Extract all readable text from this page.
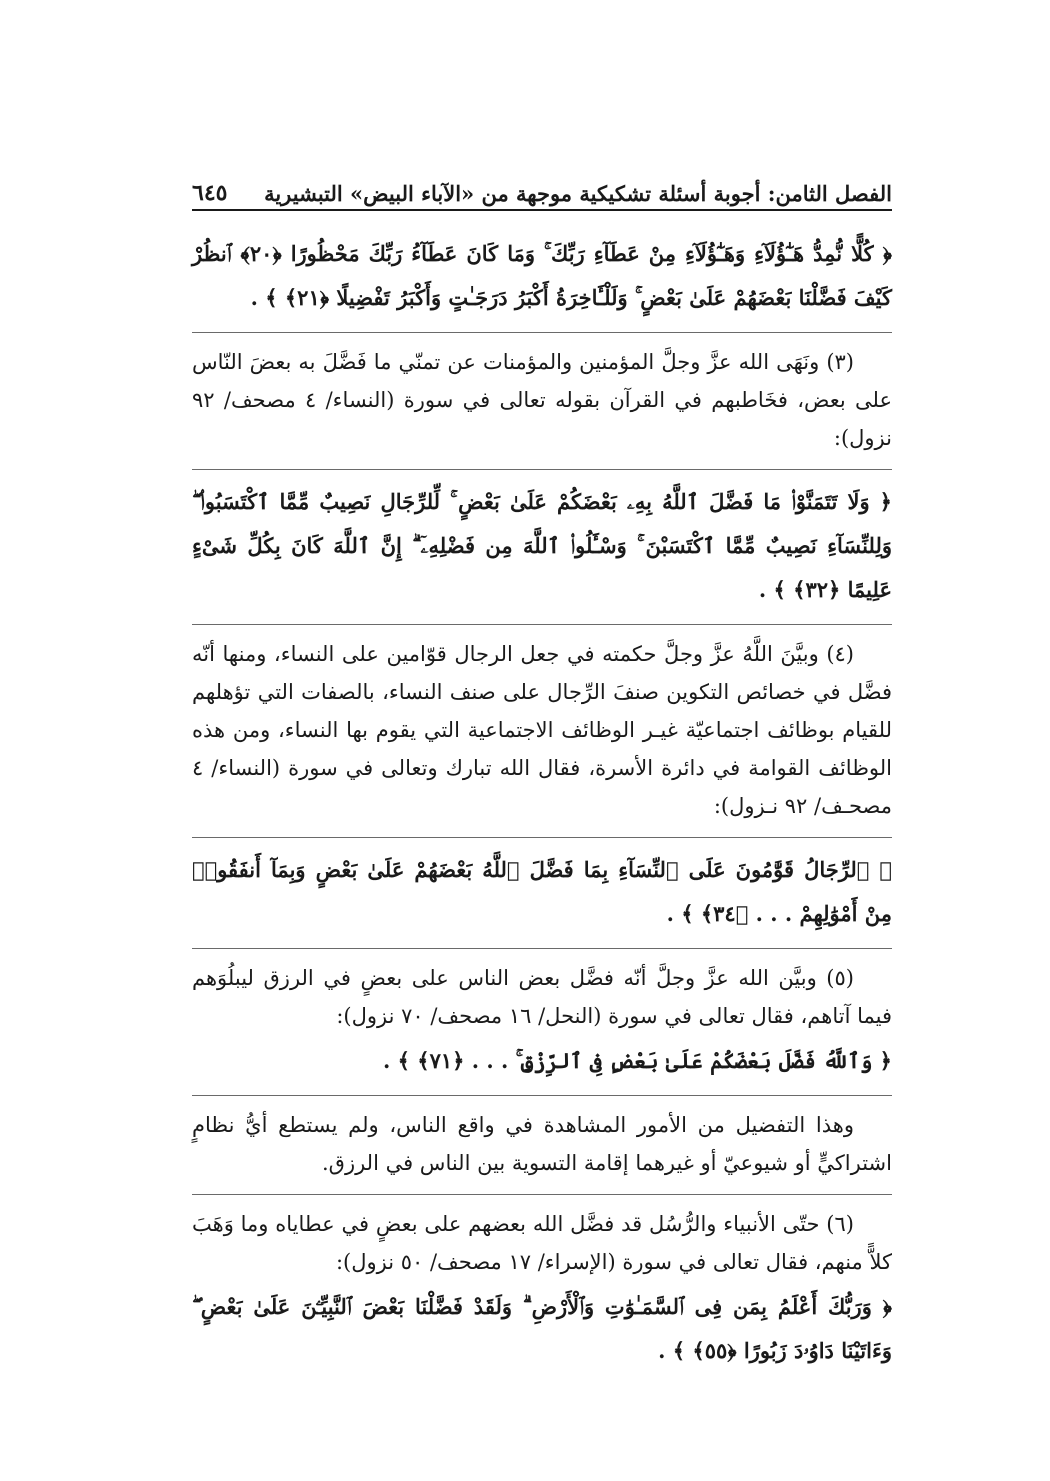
الفصل الثامن: أجوبة أسئلة تشكيكية موجهة من «الآباء البيض» التبشيرية
٦٤٥

﴿ كُلًّا نُّمِدُّ هَـٰٓؤُلَآءِ وَهَـٰٓؤُلَآءِ مِنْ عَطَآءِ رَبِّكَ ۚ وَمَا كَانَ عَطَآءُ رَبِّكَ مَحْظُورًا ﴿٢٠﴾ ٱنظُرْ كَيْفَ فَضَّلْنَا بَعْضَهُمْ عَلَىٰ بَعْضٍ ۚ وَلَلْـَٔاخِرَةُ أَكْبَرُ دَرَجَـٰتٍ وَأَكْبَرُ تَفْضِيلًا ﴿٢١﴾ ﴾ .

(٣) ونَهَى الله عزَّ وجلَّ المؤمنين والمؤمنات عن تمنّي ما فَضَّلَ به بعضَ النّاس على بعض، فخَاطبهم في القرآن بقوله تعالى في سورة (النساء/ ٤ مصحف/ ٩٢ نزول):

﴿ وَلَا تَتَمَنَّوْا۟ مَا فَضَّلَ ٱللَّهُ بِهِۦ بَعْضَكُمْ عَلَىٰ بَعْضٍ ۚ لِّلرِّجَالِ نَصِيبٌ مِّمَّا ٱكْتَسَبُوا۟ ۖ وَلِلنِّسَآءِ نَصِيبٌ مِّمَّا ٱكْتَسَبْنَ ۚ وَسْـَٔلُوا۟ ٱللَّهَ مِن فَضْلِهِۦٓ ۗ إِنَّ ٱللَّهَ كَانَ بِكُلِّ شَىْءٍ عَلِيمًا ﴿٣٢﴾ ﴾ .

(٤) وبيَّنَ اللَّهُ عزَّ وجلَّ حكمته في جعل الرجال قوّامين على النساء، ومنها أنّه فضَّل في خصائص التكوين صنفَ الرِّجال على صنف النساء، بالصفات التي تؤهلهم للقيام بوظائف اجتماعيّة غيـر الوظائف الاجتماعية التي يقوم بها النساء، ومن هذه الوظائف القوامة في دائرة الأسرة، فقال الله تبارك وتعالى في سورة (النساء/ ٤ مصحـف/ ٩٢ نـزول):

﴿ ٱلرِّجَالُ قَوَّٰمُونَ عَلَى ٱلنِّسَآءِ بِمَا فَضَّلَ ٱللَّهُ بَعْضَهُمْ عَلَىٰ بَعْضٍ وَبِمَآ أَنفَقُوا۟ مِنْ أَمْوَٰلِهِمْ . . . ﴿٣٤﴾ ﴾ .

(٥) وبيَّن الله عزَّ وجلَّ أنّه فضَّل بعض الناس على بعضٍ في الرزق ليبلُوَهم فيما آتاهم، فقال تعالى في سورة (النحل/ ١٦ مصحف/ ٧٠ نزول):

﴿ وَٱللَّهُ فَضَّلَ بَعْضَكُمْ عَلَىٰ بَعْضٍ فِى ٱلرِّزْقِ ۚ . . . ﴿٧١﴾ ﴾ .

وهذا التفضيل من الأمور المشاهدة في واقع الناس، ولم يستطع أيُّ نظامٍ اشتراكيٍّ أو شيوعيّ أو غيرهما إقامة التسوية بين الناس في الرزق.

(٦) حتّى الأنبياء والرُّسُل قد فضَّل الله بعضهم على بعضٍ في عطاياه وما وَهَبَ كلاًّ منهم، فقال تعالى في سورة (الإسراء/ ١٧ مصحف/ ٥٠ نزول):

﴿ وَرَبُّكَ أَعْلَمُ بِمَن فِى ٱلسَّمَـٰوَٰتِ وَٱلْأَرْضِ ۗ وَلَقَدْ فَضَّلْنَا بَعْضَ ٱلنَّبِيِّـۧنَ عَلَىٰ بَعْضٍ ۖ وَءَاتَيْنَا دَاوُۥدَ زَبُورًا ﴿٥٥﴾ ﴾ .
